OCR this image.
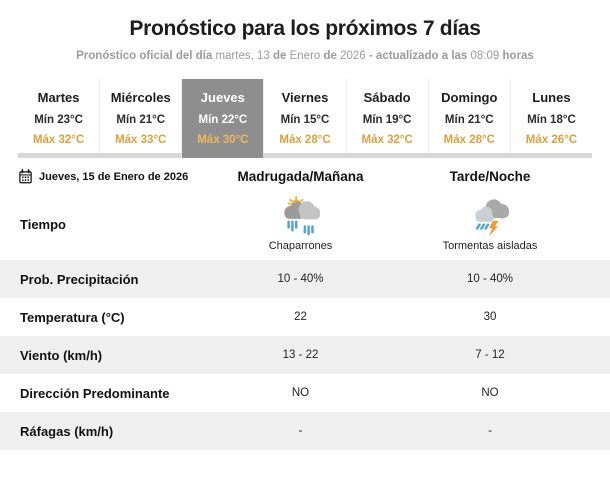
Pronóstico para los próximos 7 días

Pronóstico oficial del día martes, 13 de Enero de 2026 - actualizado a las 08:09 horas

Martes
Mín 23°C
Máx 32°C
Miércoles
Mín 21°C
Máx 33°C
Jueves
Mín 22°C
Máx 30°C
Viernes
Mín 15°C
Máx 28°C
Sábado
Mín 19°C
Máx 32°C
Domingo
Mín 21°C
Máx 28°C
Lunes
Mín 18°C
Máx 26°C
Jueves, 15 de Enero de 2026	Madrugada/Mañana	Tarde/Noche
Tiempo
Chaparrones	Tormentas aisladas
Prob. Precipitación	10 - 40%	10 - 40%
Temperatura (°C)	22	30
Viento (km/h)	13 - 22	7 - 12
Dirección Predominante	NO	NO
Ráfagas (km/h)	-	-
